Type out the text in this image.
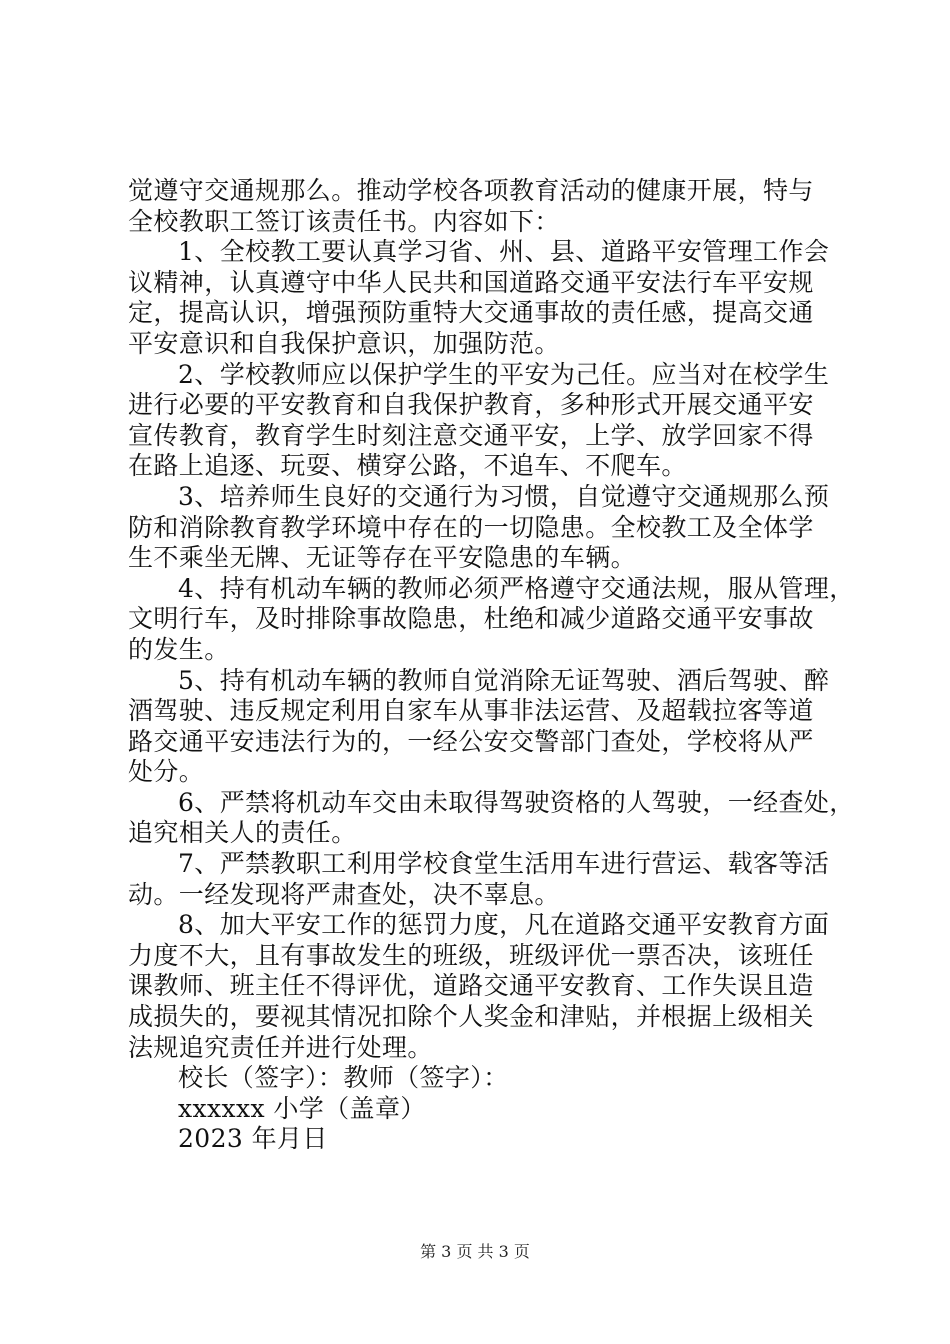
觉遵守交通规那么。推动学校各项教育活动的健康开展，特与
全校教职工签订该责任书。内容如下：
1、全校教工要认真学习省、州、县、道路平安管理工作会
议精神，认真遵守中华人民共和国道路交通平安法行车平安规
定，提高认识，增强预防重特大交通事故的责任感，提高交通
平安意识和自我保护意识，加强防范。
2、学校教师应以保护学生的平安为己任。应当对在校学生
进行必要的平安教育和自我保护教育，多种形式开展交通平安
宣传教育，教育学生时刻注意交通平安，上学、放学回家不得
在路上追逐、玩耍、横穿公路，不追车、不爬车。
3、培养师生良好的交通行为习惯，自觉遵守交通规那么预
防和消除教育教学环境中存在的一切隐患。全校教工及全体学
生不乘坐无牌、无证等存在平安隐患的车辆。
4、持有机动车辆的教师必须严格遵守交通法规，服从管理，
文明行车，及时排除事故隐患，杜绝和减少道路交通平安事故
的发生。
5、持有机动车辆的教师自觉消除无证驾驶、酒后驾驶、醉
酒驾驶、违反规定利用自家车从事非法运营、及超载拉客等道
路交通平安违法行为的，一经公安交警部门查处，学校将从严
处分。
6、严禁将机动车交由未取得驾驶资格的人驾驶，一经查处，
追究相关人的责任。
7、严禁教职工利用学校食堂生活用车进行营运、载客等活
动。一经发现将严肃查处，决不辜息。
8、加大平安工作的惩罚力度，凡在道路交通平安教育方面
力度不大，且有事故发生的班级，班级评优一票否决，该班任
课教师、班主任不得评优，道路交通平安教育、工作失误且造
成损失的，要视其情况扣除个人奖金和津贴，并根据上级相关
法规追究责任并进行处理。
校长（签字）：教师（签字）：
xxxxxx 小学（盖章）
2023 年月日
第 3 页 共 3 页
